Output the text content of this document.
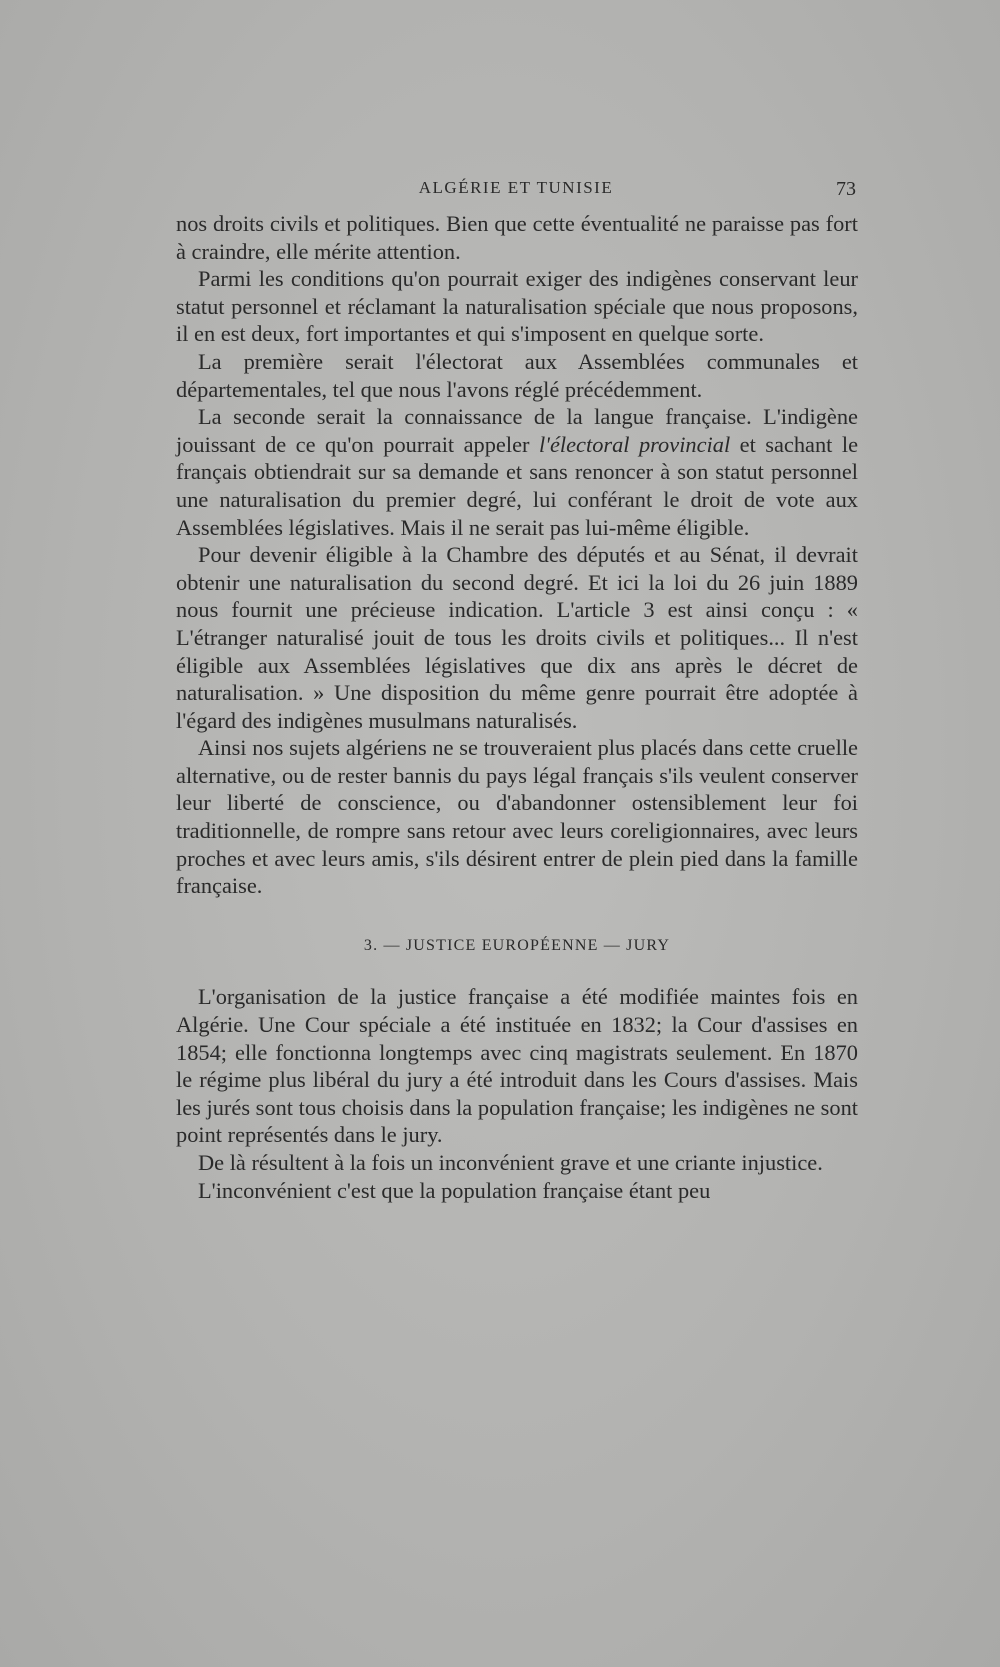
ALGÉRIE ET TUNISIE	73

nos droits civils et politiques. Bien que cette éventualité ne paraisse pas fort à craindre, elle mérite attention.

Parmi les conditions qu'on pourrait exiger des indigènes conservant leur statut personnel et réclamant la naturalisation spéciale que nous proposons, il en est deux, fort importantes et qui s'imposent en quelque sorte.

La première serait l'électorat aux Assemblées communales et départementales, tel que nous l'avons réglé précédemment.

La seconde serait la connaissance de la langue française. L'indigène jouissant de ce qu'on pourrait appeler l'électoral provincial et sachant le français obtiendrait sur sa demande et sans renoncer à son statut personnel une naturalisation du premier degré, lui conférant le droit de vote aux Assemblées législatives. Mais il ne serait pas lui-même éligible.

Pour devenir éligible à la Chambre des députés et au Sénat, il devrait obtenir une naturalisation du second degré. Et ici la loi du 26 juin 1889 nous fournit une précieuse indication. L'article 3 est ainsi conçu : « L'étranger naturalisé jouit de tous les droits civils et politiques... Il n'est éligible aux Assemblées législatives que dix ans après le décret de naturalisation. » Une disposition du même genre pourrait être adoptée à l'égard des indigènes musulmans naturalisés.

Ainsi nos sujets algériens ne se trouveraient plus placés dans cette cruelle alternative, ou de rester bannis du pays légal français s'ils veulent conserver leur liberté de conscience, ou d'abandonner ostensiblement leur foi traditionnelle, de rompre sans retour avec leurs coreligionnaires, avec leurs proches et avec leurs amis, s'ils désirent entrer de plein pied dans la famille française.

3. — JUSTICE EUROPÉENNE — JURY

L'organisation de la justice française a été modifiée maintes fois en Algérie. Une Cour spéciale a été instituée en 1832; la Cour d'assises en 1854; elle fonctionna longtemps avec cinq magistrats seulement. En 1870 le régime plus libéral du jury a été introduit dans les Cours d'assises. Mais les jurés sont tous choisis dans la population française; les indigènes ne sont point représentés dans le jury.

De là résultent à la fois un inconvénient grave et une criante injustice.

L'inconvénient c'est que la population française étant peu
